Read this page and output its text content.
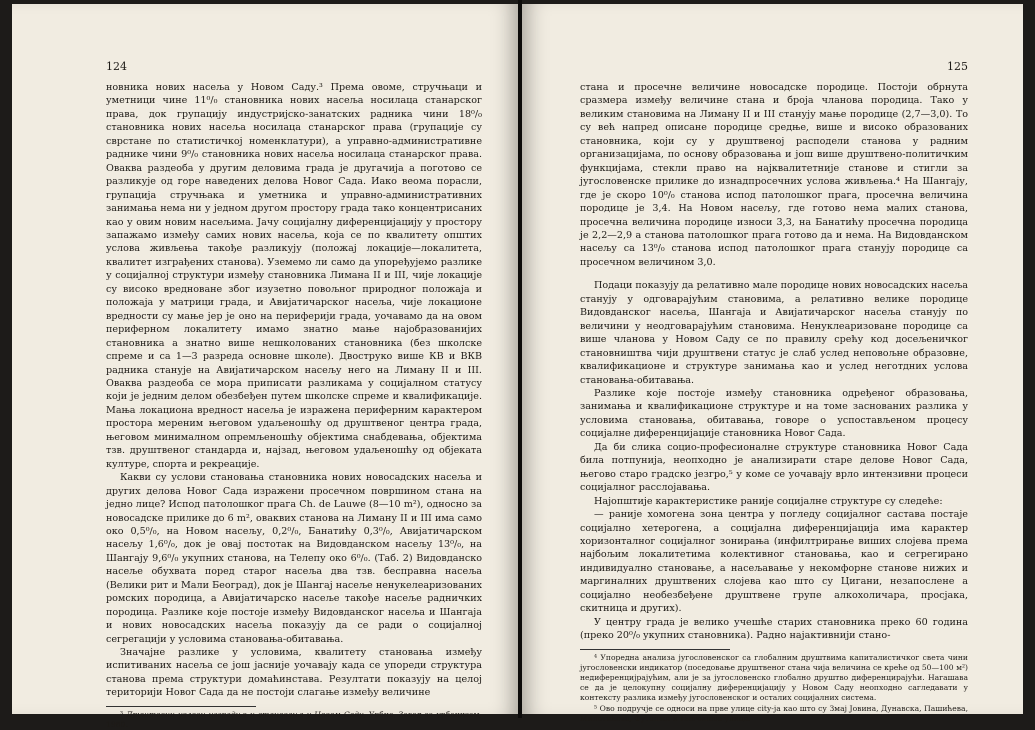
124

новника нових насеља у Новом Саду.³ Према овоме, стручњаци и уметници чине 11⁰/₀ становника нових насеља носилаца станарског права, док групацију индустријско-занатских радника чини 18⁰/₀ становника нових насеља носилаца станарског права (групације су сврстане по статистичкој номенклатури), а управно-административне раднике чини 9⁰/₀ становника нових насеља носилаца станарског права. Оваква раздеоба у другим деловима града је другачија а поготово се разликује од горе наведених делова Новог Сада. Иако веома порасли, групација стручњака и уметника и управно-административних занимања нема ни у једном другом простору града тако концентрисаних као у овим новим насељима. Јачу социјалну диференцијацију у простору запажамо између самих нових насеља, која се по квалитету општих услова живљења такође разликују (положај локације—локалитета, квалитет изграђених станова). Уземемо ли само да упоређујемо разлике у социјалној структури између становника Лимана II и III, чије локације су високо вредноване због изузетно повољног природног положаја и положаја у матрици града, и Авијатичарског насеља, чије локационе вредности су мање јер је оно на периферији града, уочавамо да на овом периферном локалитету имамо знатно мање најобразованијих становника а знатно више нешколованих становника (без школске спреме и са 1—3 разреда основне школе). Двоструко више КВ и ВКВ радника станује на Авијатичарском насељу него на Лиману II и III. Оваква раздеоба се мора приписати разликама у социјалном статусу који је једним делом обезбеђен путем школске спреме и квалификације. Мања локациона вредност насеља је изражена периферним карактером простора мереним његовом удаљеношћу од друштвеног центра града, његовом минималном опремљеношћу објектима снабдевања, објектима тзв. друштвеног стандарда и, најзад, његовом удаљеношћу од објеката културе, спорта и рекреације.

Какви су услови становања становника нових новосадских насеља и других делова Новог Сада изражени просечном површином стана на једно лице? Испод патолошког прага Ch. de Lauwe (8—10 m²), односно за новосадске прилике до 6 m², оваквих станова на Лиману II и III има само око 0,5⁰/₀, на Новом насељу, 0,2⁰/₀, Банатићу 0,3⁰/₀, Авијатичарском насељу 1,6⁰/₀, док је овај постотак на Видовданском насељу 13⁰/₀, на Шангају 9,6⁰/₀ укупних станова, на Телепу око 6⁰/₀. (Таб. 2) Видовданско насеље обухвата поред старог насеља два тзв. бесправна насеља (Велики рит и Мали Београд), док је Шангај насеље ненукелеаризованих ромских породица, а Авијатичарско насеље такође насеље радничких породица. Разлике које постоје између Видовданског насеља и Шангаја и нових новосадских насеља показују да се ради о социјалној сегрегацији у условима становања-обитавања.

Значајне разлике у условима, квалитету становања између испитиваних насеља се још јасније уочавају када се упореди структура станова према структури домаћинстава. Резултати показују на целој територији Новог Сада да не постоји слагање између величине

³ Друштвени услови изградње и становања у Новом Саду, Урбис, Завод за урбанизам, 1980.

125

стана и просечне величине новосадске породице. Постоји обрнута сразмера између величине стана и броја чланова породица. Тако у великим становима на Лиману II и III станују мање породице (2,7—3,0). То су већ напред описане породице средње, више и високо образованих становника, који су у друштвеној расподели станова у радним организацијама, по основу образовања и још више друштвено-политичким функцијама, стекли право на најквалитетније станове и стигли за југословенске прилике до изнадпросечних услова живљења.⁴ На Шангају, где је скоро 10⁰/₀ станова испод патолошког прага, просечна величина породице је 3,4. На Новом насељу, где готово нема малих станова, просечна величина породице износи 3,3, на Банатићу просечна породица је 2,2—2,9 а станова патолошког прага готово да и нема. На Видовданском насељу са 13⁰/₀ станова испод патолошког прага станују породице са просечном величином 3,0.

Подаци показују да релативно мале породице нових новосадских насеља станују у одговарајућим становима, а релативно велике породице Видовданског насеља, Шангаја и Авијатичарског насеља станују по величини у неодговарајућим становима. Ненуклеаризоване породице са више чланова у Новом Саду се по правилу срећу код досељеничког становништва чији друштвени статус је слаб услед неповољне образовне, квалификационе и структуре занимања као и услед неготдних услова становања-обитавања.

Разлике које постоје између становника одређеног образовања, занимања и квалификационе структуре и на томе заснованих разлика у условима становања, обитавања, говоре о успостављеном процесу социјалне диференцијације становника Новог Сада.

Да би слика социо-професионалне структуре становника Новог Сада била потпунија, неопходно је анализирати старе делове Новог Сада, његово старо градско језгро,⁵ у коме се уочавају врло интензивни процеси социјалног расслојавања.

Најопштије карактеристике раније социјалне структуре су следеће:

— раније хомогена зона центра у погледу социјалног састава постаје социјално хетерогена, а социјална диференцијација има карактер хоризонталног социјалног зонирања (инфилтрирање виших слојева према најбољим локалитетима колективног становања, као и сегрегирано индивидуално становање, а насељавање у некомфорне станове нижих и маргиналних друштвених слојева као што су Цигани, незапослене а социјално необезбеђене друштвене групе алкохоличара, просјака, скитница и других).

У центру града је велико учешће старих становника преко 60 година (преко 20⁰/₀ укупних становника). Радно најактивнији стано-

⁴ Упоредна анализа југословенског са глобалним друштвима капиталистичког света чини југословенски индикатор (поседовање друштвеног стана чија величина се креће од 50—100 м²) недиференцијрајућим, али је за југословенско глобално друштво диференцирајући. Нагашава се да је целокупну социјалну диференцијацију у Новом Саду неопходно сагледавати у контексту разлика између југословенског и осталих социјалних система.

⁵ Ово подручје се односи на прве улице city-ја као што су Змај Јовина, Дунавска, Пашићева, Милетићева, Футошка и Његошева улица.
